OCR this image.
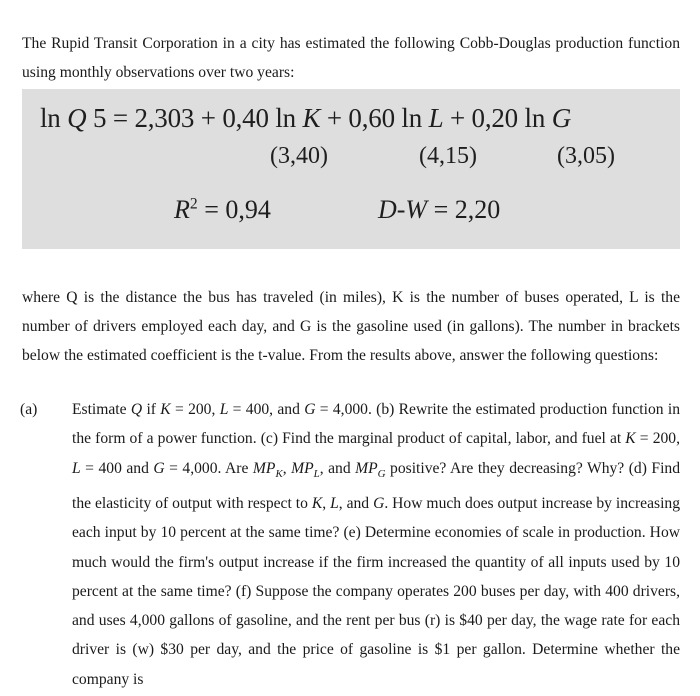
The Rupid Transit Corporation in a city has estimated the following Cobb-Douglas production function using monthly observations over two years:

ln Q 5 = 2,303 + 0,40 ln K + 0,60 ln L + 0,20 ln G
(3,40)	(4,15)	(3,05)
$R^2 = 0,94$	D-W = 2,20

where Q is the distance the bus has traveled (in miles), K is the number of buses operated, L is the number of drivers employed each day, and G is the gasoline used (in gallons). The number in brackets below the estimated coefficient is the t-value. From the results above, answer the following questions:

(a) Estimate Q if K = 200, L = 400, and G = 4,000. (b) Rewrite the estimated production function in the form of a power function. (c) Find the marginal product of capital, labor, and fuel at K = 200, L = 400 and G = 4,000. Are $MP_K$, $MP_L$, and $MP_G$ positive? Are they decreasing? Why? (d) Find the elasticity of output with respect to K, L, and G. How much does output increase by increasing each input by 10 percent at the same time? (e) Determine economies of scale in production. How much would the firm's output increase if the firm increased the quantity of all inputs used by 10 percent at the same time? (f) Suppose the company operates 200 buses per day, with 400 drivers, and uses 4,000 gallons of gasoline, and the rent per bus (r) is $40 per day, the wage rate for each driver is (w) $30 per day, and the price of gasoline is $1 per gallon. Determine whether the company is
